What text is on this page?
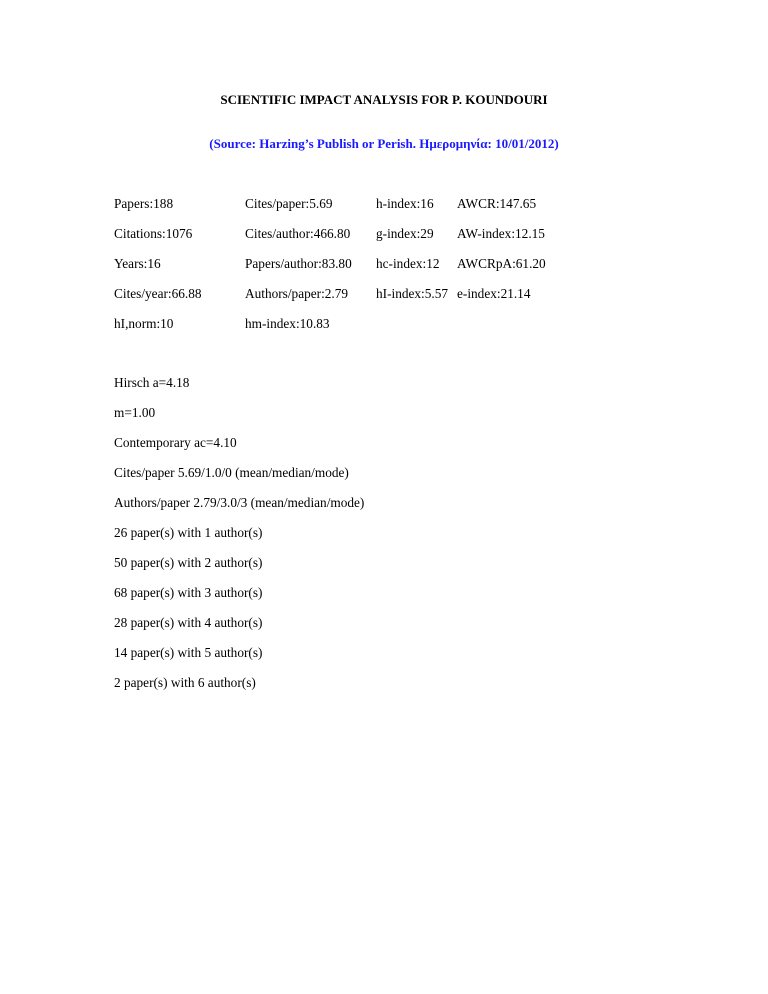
SCIENTIFIC IMPACT ANALYSIS FOR P. KOUNDOURI
(Source: Harzing’s Publish or Perish. Ημερομηνία: 10/01/2012)
Papers:188	Cites/paper:5.69	h-index:16 AWCR:147.65
Citations:1076	Cites/author:466.80 g-index:29 AW-index:12.15
Years:16	Papers/author:83.80 hc-index:12 AWCRpA:61.20
Cites/year:66.88	Authors/paper:2.79 hI-index:5.57 e-index:21.14
hI,norm:10	hm-index:10.83
Hirsch a=4.18
m=1.00
Contemporary ac=4.10
Cites/paper 5.69/1.0/0 (mean/median/mode)
Authors/paper 2.79/3.0/3 (mean/median/mode)
26 paper(s) with 1 author(s)
50 paper(s) with 2 author(s)
68 paper(s) with 3 author(s)
28 paper(s) with 4 author(s)
14 paper(s) with 5 author(s)
2 paper(s) with 6 author(s)
